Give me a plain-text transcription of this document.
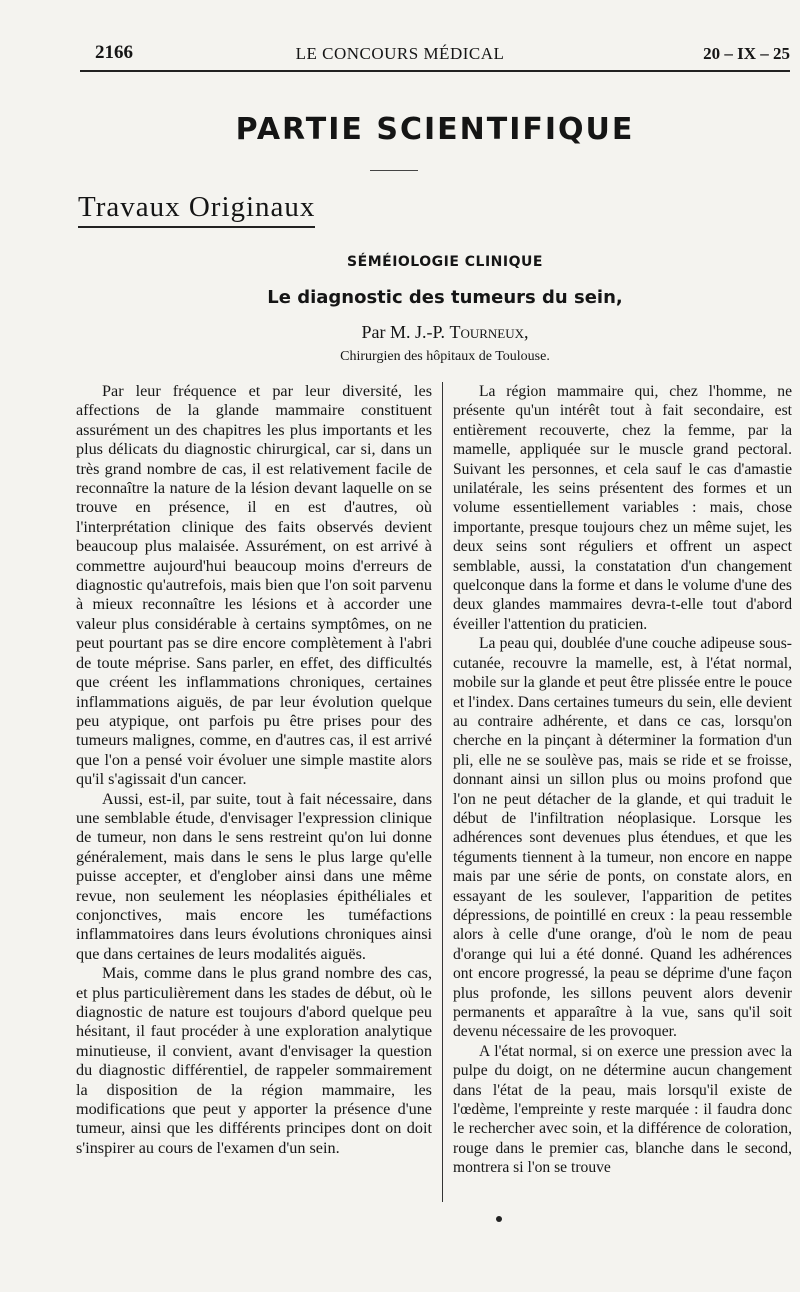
2166	LE CONCOURS MÉDICAL	20 – IX – 25
PARTIE SCIENTIFIQUE
Travaux Originaux
SÉMÉIOLOGIE CLINIQUE
Le diagnostic des tumeurs du sein,
Par M. J.-P. Tourneux,
Chirurgien des hôpitaux de Toulouse.

Par leur fréquence et par leur diversité, les affections de la glande mammaire constituent assurément un des chapitres les plus importants et les plus délicats du diagnostic chirurgical, car si, dans un très grand nombre de cas, il est relativement facile de reconnaître la nature de la lésion devant laquelle on se trouve en présence, il en est d'autres, où l'interprétation clinique des faits observés devient beaucoup plus malaisée. Assurément, on est arrivé à commettre aujourd'hui beaucoup moins d'erreurs de diagnostic qu'autrefois, mais bien que l'on soit parvenu à mieux reconnaître les lésions et à accorder une valeur plus considérable à certains symptômes, on ne peut pourtant pas se dire encore complètement à l'abri de toute méprise. Sans parler, en effet, des difficultés que créent les inflammations chroniques, certaines inflammations aiguës, de par leur évolution quelque peu atypique, ont parfois pu être prises pour des tumeurs malignes, comme, en d'autres cas, il est arrivé que l'on a pensé voir évoluer une simple mastite alors qu'il s'agissait d'un cancer.

Aussi, est-il, par suite, tout à fait nécessaire, dans une semblable étude, d'envisager l'expression clinique de tumeur, non dans le sens restreint qu'on lui donne généralement, mais dans le sens le plus large qu'elle puisse accepter, et d'englober ainsi dans une même revue, non seulement les néoplasies épithéliales et conjonctives, mais encore les tuméfactions inflammatoires dans leurs évolutions chroniques ainsi que dans certaines de leurs modalités aiguës.

Mais, comme dans le plus grand nombre des cas, et plus particulièrement dans les stades de début, où le diagnostic de nature est toujours d'abord quelque peu hésitant, il faut procéder à une exploration analytique minutieuse, il convient, avant d'envisager la question du diagnostic différentiel, de rappeler sommairement la disposition de la région mammaire, les modifications que peut y apporter la présence d'une tumeur, ainsi que les différents principes dont on doit s'inspirer au cours de l'examen d'un sein.

La région mammaire qui, chez l'homme, ne présente qu'un intérêt tout à fait secondaire, est entièrement recouverte, chez la femme, par la mamelle, appliquée sur le muscle grand pectoral. Suivant les personnes, et cela sauf le cas d'amastie unilatérale, les seins présentent des formes et un volume essentiellement variables : mais, chose importante, presque toujours chez un même sujet, les deux seins sont réguliers et offrent un aspect semblable, aussi, la constatation d'un changement quelconque dans la forme et dans le volume d'une des deux glandes mammaires devra-t-elle tout d'abord éveiller l'attention du praticien.

La peau qui, doublée d'une couche adipeuse sous-cutanée, recouvre la mamelle, est, à l'état normal, mobile sur la glande et peut être plissée entre le pouce et l'index. Dans certaines tumeurs du sein, elle devient au contraire adhérente, et dans ce cas, lorsqu'on cherche en la pinçant à déterminer la formation d'un pli, elle ne se soulève pas, mais se ride et se froisse, donnant ainsi un sillon plus ou moins profond que l'on ne peut détacher de la glande, et qui traduit le début de l'infiltration néoplasique. Lorsque les adhérences sont devenues plus étendues, et que les téguments tiennent à la tumeur, non encore en nappe mais par une série de ponts, on constate alors, en essayant de les soulever, l'apparition de petites dépressions, de pointillé en creux : la peau ressemble alors à celle d'une orange, d'où le nom de peau d'orange qui lui a été donné. Quand les adhérences ont encore progressé, la peau se déprime d'une façon plus profonde, les sillons peuvent alors devenir permanents et apparaître à la vue, sans qu'il soit devenu nécessaire de les provoquer.

A l'état normal, si on exerce une pression avec la pulpe du doigt, on ne détermine aucun changement dans l'état de la peau, mais lorsqu'il existe de l'œdème, l'empreinte y reste marquée : il faudra donc le rechercher avec soin, et la différence de coloration, rouge dans le premier cas, blanche dans le second, montrera si l'on se trouve
